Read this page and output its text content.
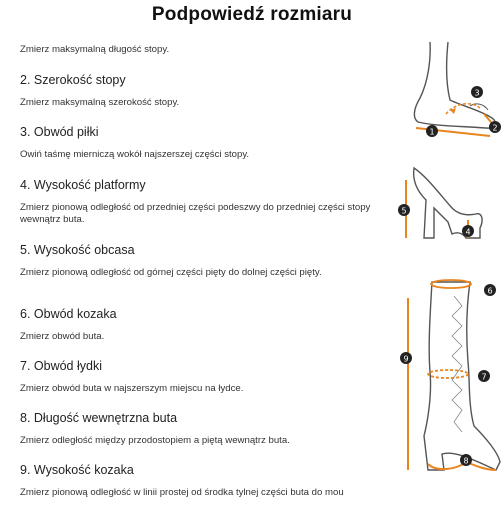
Podpowiedź rozmiaru
Zmierz maksymalną długość stopy.
2. Szerokość stopy
Zmierz maksymalną szerokość stopy.
3. Obwód piłki
Owiń taśmę mierniczą wokół najszerszej części stopy.
4. Wysokość platformy
Zmierz pionową odległość od przedniej części podeszwy do przedniej części stopy wewnątrz buta.
5. Wysokość obcasa
Zmierz pionową odległość od górnej części pięty do dolnej części pięty.
6. Obwód kozaka
Zmierz obwód buta.
7. Obwód łydki
Zmierz obwód buta w najszerszym miejscu na łydce.
8. Długość wewnętrzna buta
Zmierz odległość między przodostopiem a piętą wewnątrz buta.
9. Wysokość kozaka
Zmierz pionową odległość w linii prostej od środka tylnej części buta do mou
1	2
3
5
4
6
7
9
8
